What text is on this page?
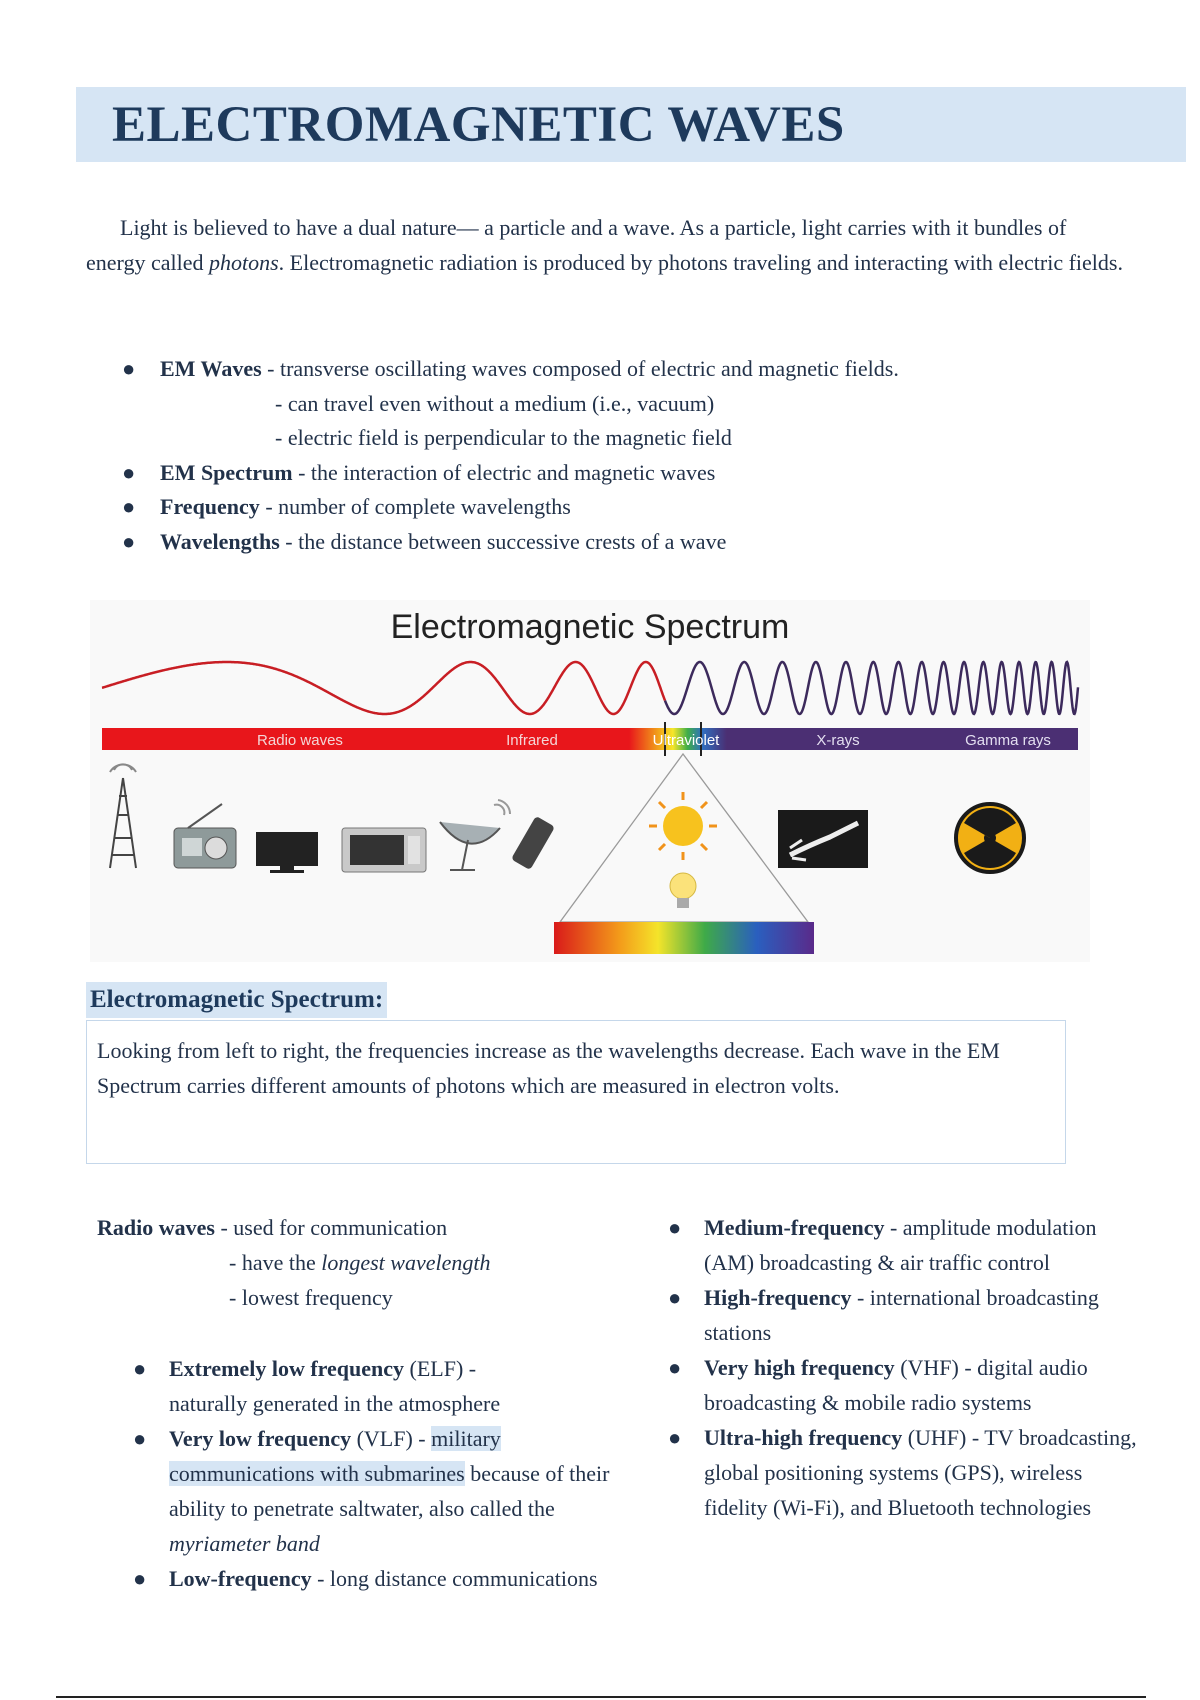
ELECTROMAGNETIC WAVES

Light is believed to have a dual nature— a particle and a wave. As a particle, light carries with it bundles of energy called photons. Electromagnetic radiation is produced by photons traveling and interacting with electric fields.

● EM Waves - transverse oscillating waves composed of electric and magnetic fields.
- can travel even without a medium (i.e., vacuum)
- electric field is perpendicular to the magnetic field
● EM Spectrum - the interaction of electric and magnetic waves
● Frequency - number of complete wavelengths
● Wavelengths - the distance between successive crests of a wave
Electromagnetic Spectrum
Radio waves	Infrared	Ultraviolet	X-rays	Gamma rays
Electromagnetic Spectrum:

Looking from left to right, the frequencies increase as the wavelengths decrease. Each wave in the EM Spectrum carries different amounts of photons which are measured in electron volts.

Radio waves - used for communication
- have the longest wavelength
- lowest frequency
● Extremely low frequency (ELF) -
naturally generated in the atmosphere
● Very low frequency (VLF) - military communications with submarines because of their ability to penetrate saltwater, also called the myriameter band
● Low-frequency - long distance communications
● Medium-frequency - amplitude modulation (AM) broadcasting & air traffic control
● High-frequency - international broadcasting stations
● Very high frequency (VHF) - digital audio broadcasting & mobile radio systems
● Ultra-high frequency (UHF) - TV broadcasting, global positioning systems (GPS), wireless fidelity (Wi-Fi), and Bluetooth technologies
